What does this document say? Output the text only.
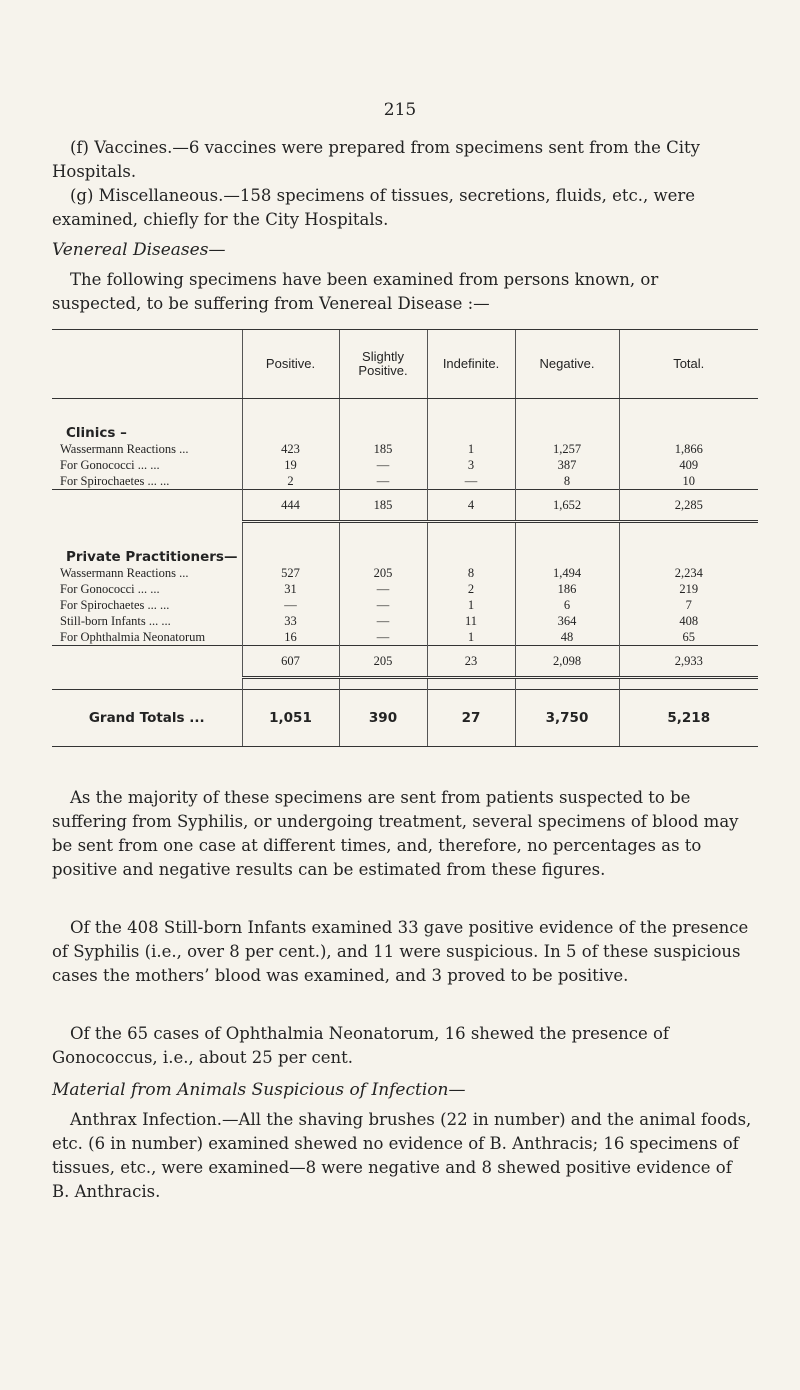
215

(f) Vaccines.—6 vaccines were prepared from specimens sent from the City Hospitals.

(g) Miscellaneous.—158 specimens of tissues, secretions, fluids, etc., were examined, chiefly for the City Hospitals.

Venereal Diseases—

The following specimens have been examined from persons known, or suspected, to be suffering from Venereal Disease :—

	Positive.	Slightly Positive.	Indefinite.	Negative.	Total.
Clinics –					
Wassermann Reactions ...	423	185	1	1,257	1,866
For Gonococci ... ...	19	—	3	387	409
For Spirochaetes ... ...	2	—	—	8	10
	444	185	4	1,652	2,285
Private Practitioners—					
Wassermann Reactions ...	527	205	8	1,494	2,234
For Gonococci ... ...	31	—	2	186	219
For Spirochaetes ... ...	—	—	1	6	7
Still-born Infants ... ...	33	—	11	364	408
For Ophthalmia Neonatorum	16	—	1	48	65
	607	205	23	2,098	2,933

Grand Totals ...	1,051	390	27	3,750	5,218

As the majority of these specimens are sent from patients suspected to be suffering from Syphilis, or undergoing treatment, several specimens of blood may be sent from one case at different times, and, therefore, no percentages as to positive and negative results can be estimated from these figures.

Of the 408 Still-born Infants examined 33 gave positive evidence of the presence of Syphilis (i.e., over 8 per cent.), and 11 were suspicious. In 5 of these suspicious cases the mothers’ blood was examined, and 3 proved to be positive.

Of the 65 cases of Ophthalmia Neonatorum, 16 shewed the presence of Gonococcus, i.e., about 25 per cent.

Material from Animals Suspicious of Infection—

Anthrax Infection.—All the shaving brushes (22 in number) and the animal foods, etc. (6 in number) examined shewed no evidence of B. Anthracis; 16 specimens of tissues, etc., were examined—8 were negative and 8 shewed positive evidence of B. Anthracis.
